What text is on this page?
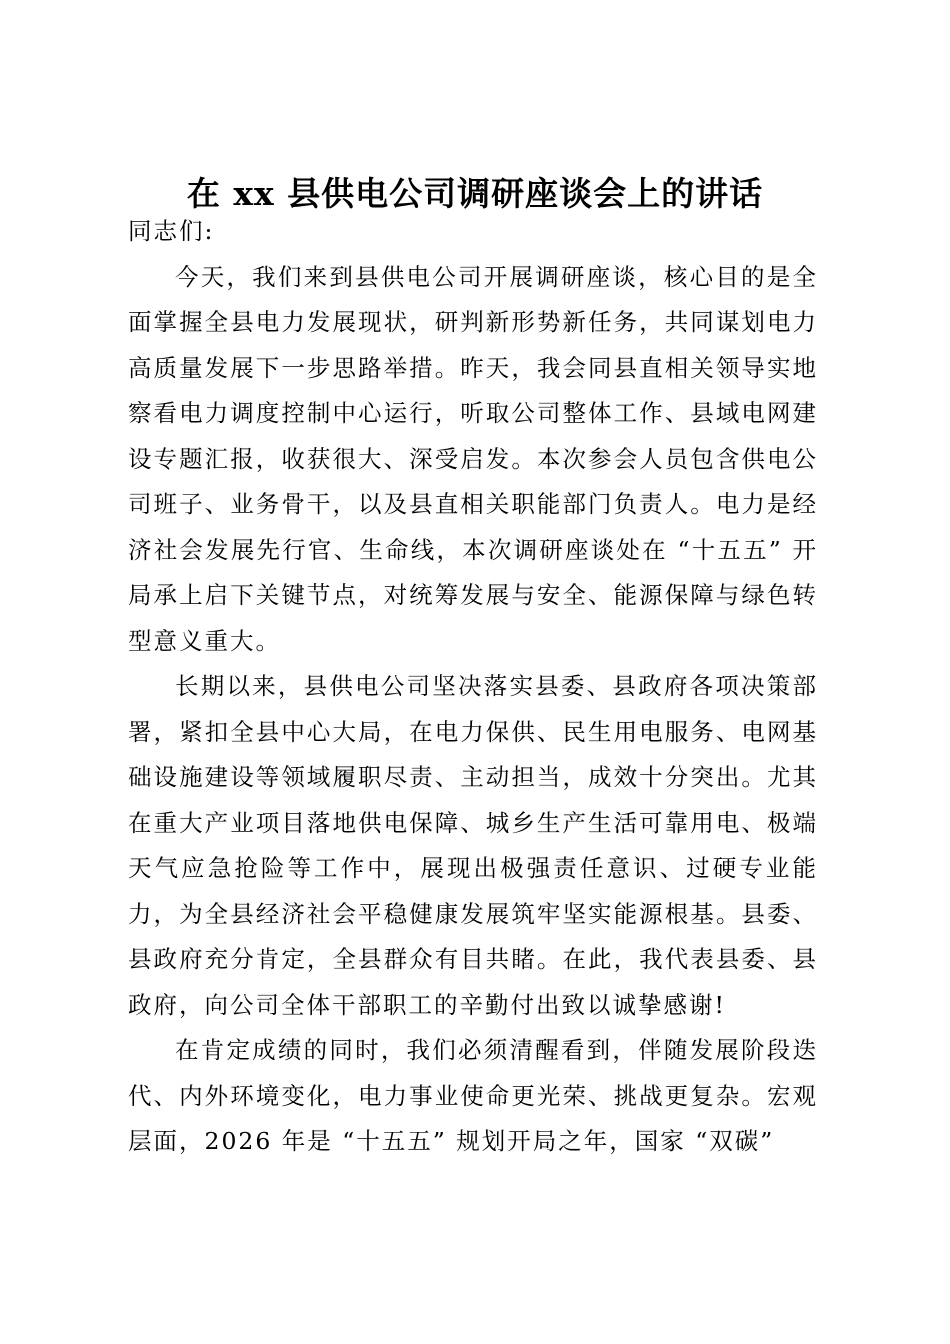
在 xx 县供电公司调研座谈会上的讲话

同志们:

今天，我们来到县供电公司开展调研座谈，核心目的是全面掌握全县电力发展现状，研判新形势新任务，共同谋划电力高质量发展下一步思路举措。昨天，我会同县直相关领导实地察看电力调度控制中心运行，听取公司整体工作、县域电网建设专题汇报，收获很大、深受启发。本次参会人员包含供电公司班子、业务骨干，以及县直相关职能部门负责人。电力是经济社会发展先行官、生命线，本次调研座谈处在 “十五五” 开局承上启下关键节点，对统筹发展与安全、能源保障与绿色转型意义重大。

长期以来，县供电公司坚决落实县委、县政府各项决策部署，紧扣全县中心大局，在电力保供、民生用电服务、电网基础设施建设等领域履职尽责、主动担当，成效十分突出。尤其在重大产业项目落地供电保障、城乡生产生活可靠用电、极端天气应急抢险等工作中，展现出极强责任意识、过硬专业能力，为全县经济社会平稳健康发展筑牢坚实能源根基。县委、县政府充分肯定，全县群众有目共睹。在此，我代表县委、县政府，向公司全体干部职工的辛勤付出致以诚挚感谢!

在肯定成绩的同时，我们必须清醒看到，伴随发展阶段迭代、内外环境变化，电力事业使命更光荣、挑战更复杂。宏观层面，2026 年是 “十五五” 规划开局之年，国家 “双碳”
